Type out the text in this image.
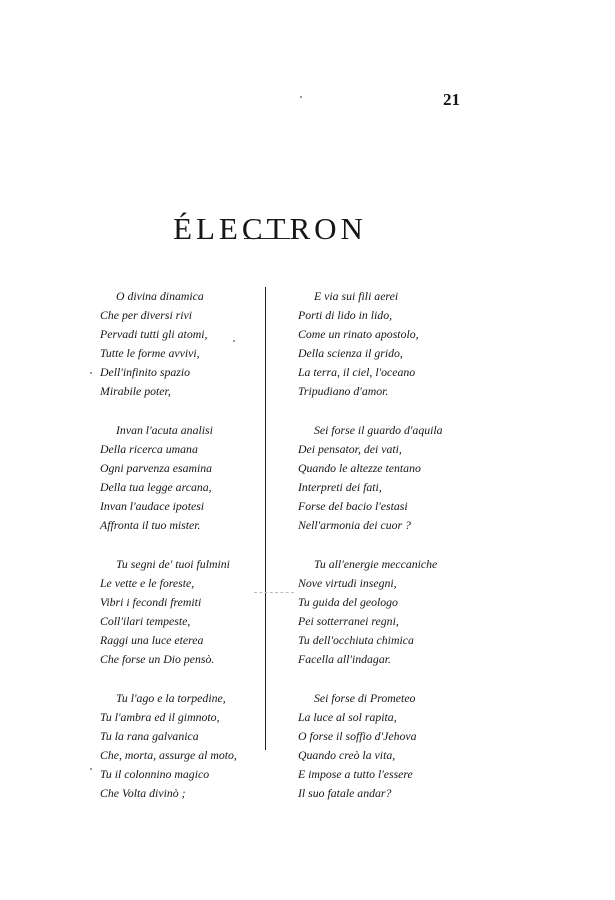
21
ÉLECTRON
O divina dinamica
Che per diversi rivi
Pervadi tutti gli atomi,
Tutte le forme avvivi,
Dell'infinito spazio
Mirabile poter,
Invan l'acuta analisi
Della ricerca umana
Ogni parvenza esamina
Della tua legge arcana,
Invan l'audace ipotesi
Affronta il tuo mister.
Tu segni de' tuoi fulmini
Le vette e le foreste,
Vibri i fecondi fremiti
Coll'ilari tempeste,
Raggi una luce eterea
Che forse un Dio pensò.
Tu l'ago e la torpedine,
Tu l'ambra ed il gimnoto,
Tu la rana galvanica
Che, morta, assurge al moto,
Tu il colonnino magico
Che Volta divinò ;
E via sui fili aerei
Porti di lido in lido,
Come un rinato apostolo,
Della scienza il grido,
La terra, il ciel, l'oceano
Tripudiano d'amor.
Sei forse il guardo d'aquila
Dei pensator, dei vati,
Quando le altezze tentano
Interpreti dei fati,
Forse del bacio l'estasi
Nell'armonia dei cuor ?
Tu all'energie meccaniche
Nove virtudi insegni,
Tu guida del geologo
Pei sotterranei regni,
Tu dell'occhiuta chimica
Facella all'indagar.
Sei forse di Prometeo
La luce al sol rapita,
O forse il soffio d'Jehova
Quando creò la vita,
E impose a tutto l'essere
Il suo fatale andar?
